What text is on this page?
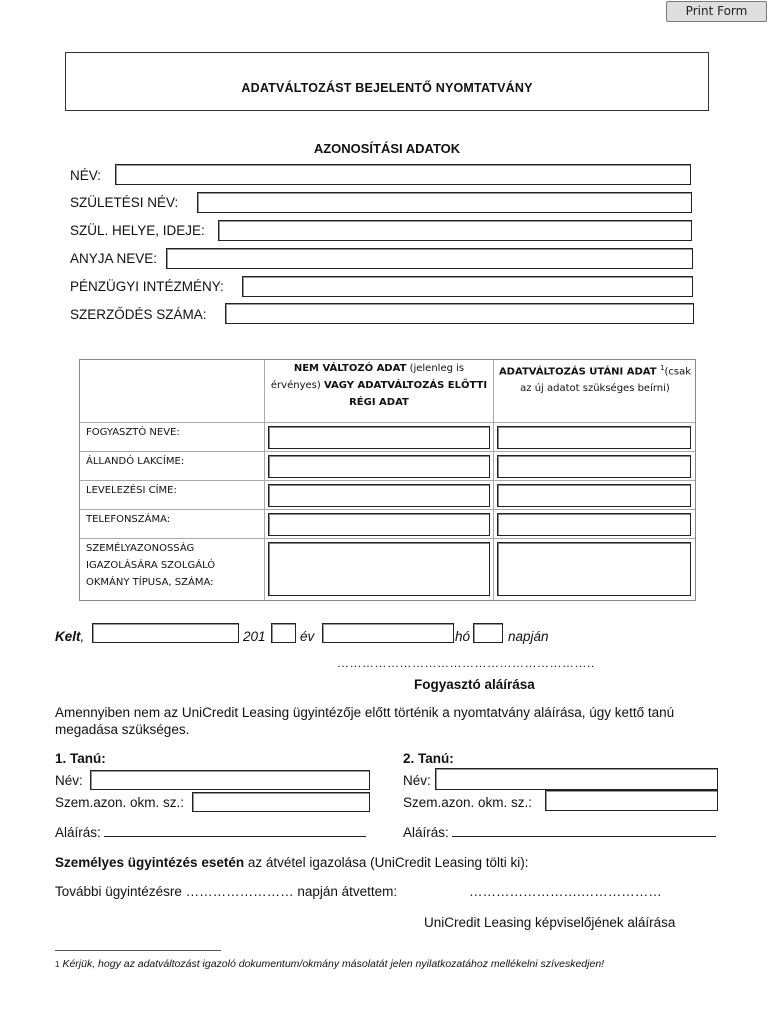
Print Form
ADATVÁLTOZÁST BEJELENTŐ NYOMTATVÁNY
AZONOSÍTÁSI ADATOK
NÉV:
SZÜLETÉSI NÉV:
SZÜL. HELYE, IDEJE:
ANYJA NEVE:
PÉNZÜGYI INTÉZMÉNY:
SZERZŐDÉS SZÁMA:
NEM VÁLTOZÓ ADAT (jelenleg is
érvényes) VAGY ADATVÁLTOZÁS ELŐTTI
RÉGI ADAT
ADATVÁLTOZÁS UTÁNI ADAT $^1$(csak
az új adatot szükséges beírni)
FOGYASZTÓ NEVE:
ÁLLANDÓ LAKCÍME:
LEVELEZÉSI CÍME:
TELEFONSZÁMA:
SZEMÉLYAZONOSSÁG
IGAZOLÁSÁRA SZOLGÁLÓ
OKMÁNY TÍPUSA, SZÁMA:
Kelt,	201	év	hó	napján
……………………………………………………..
Fogyasztó aláírása
Amennyiben nem az UniCredit Leasing ügyintézője előtt történik a nyomtatvány aláírása, úgy kettő tanú
megadása szükséges.
1. Tanú:
Név:
Szem.azon. okm. sz.:
Aláírás:
2. Tanú:
Név:
Szem.azon. okm. sz.:
Aláírás:
Személyes ügyintézés esetén az átvétel igazolása (UniCredit Leasing tölti ki):
További ügyintézésre …………………… napján átvettem:	…………………….………………
UniCredit Leasing képviselőjének aláírása
1 Kérjük, hogy az adatváltozást igazoló dokumentum/okmány másolatát jelen nyilatkozatához mellékelni szíveskedjen!
